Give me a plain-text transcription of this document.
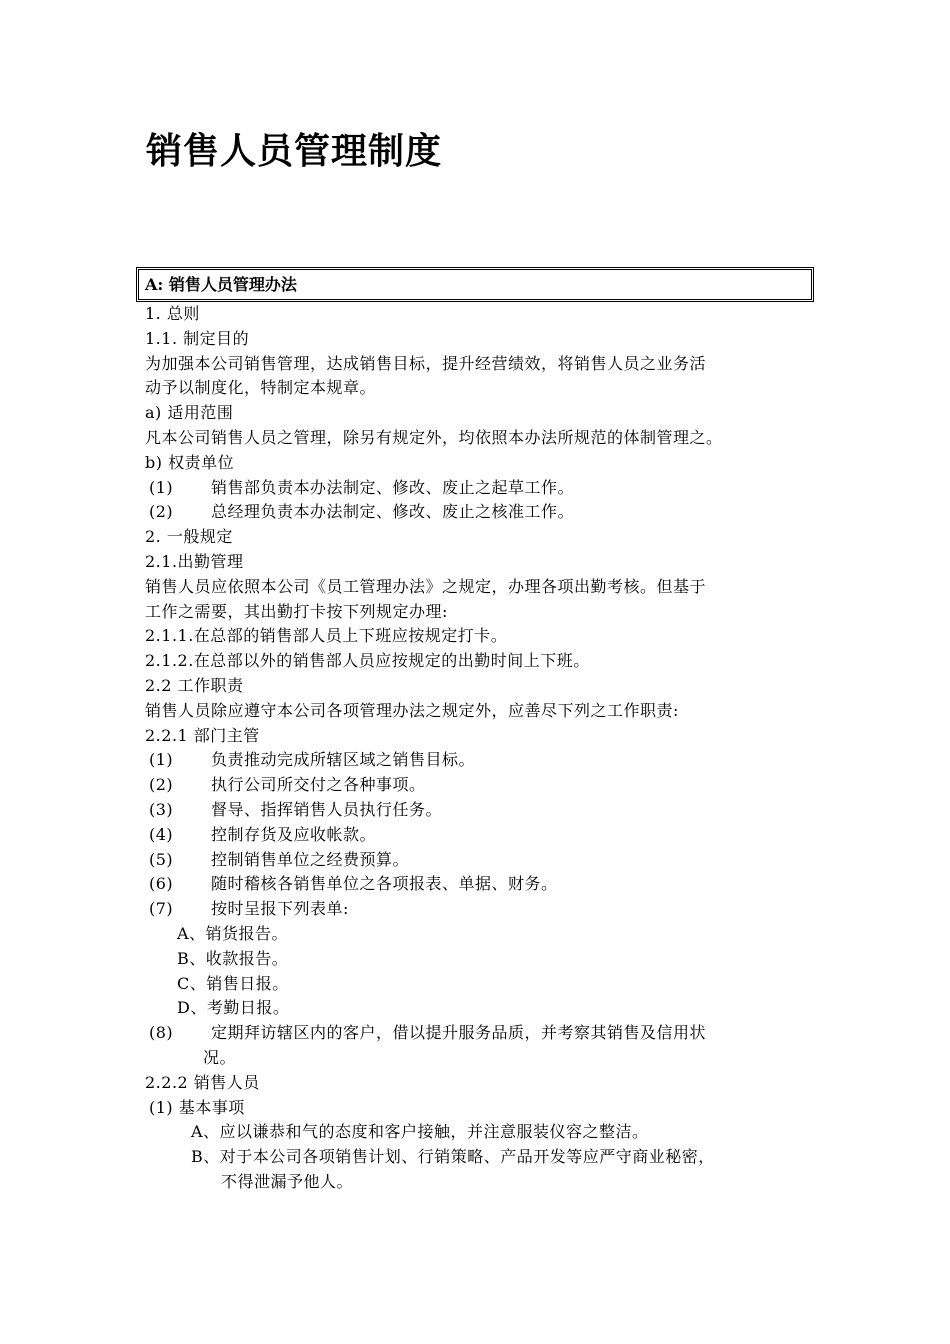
销售人员管理制度
A: 销售人员管理办法
1. 总则
1.1. 制定目的
为加强本公司销售管理，达成销售目标，提升经营绩效，将销售人员之业务活
动予以制度化，特制定本规章。
a) 适用范围
凡本公司销售人员之管理，除另有规定外，均依照本办法所规范的体制管理之。
b) 权责单位
(1) 销售部负责本办法制定、修改、废止之起草工作。
(2) 总经理负责本办法制定、修改、废止之核准工作。
2. 一般规定
2.1.出勤管理
销售人员应依照本公司《员工管理办法》之规定，办理各项出勤考核。但基于
工作之需要，其出勤打卡按下列规定办理:
2.1.1.在总部的销售部人员上下班应按规定打卡。
2.1.2.在总部以外的销售部人员应按规定的出勤时间上下班。
2.2 工作职责
销售人员除应遵守本公司各项管理办法之规定外，应善尽下列之工作职责:
2.2.1 部门主管
(1) 负责推动完成所辖区域之销售目标。
(2) 执行公司所交付之各种事项。
(3) 督导、指挥销售人员执行任务。
(4) 控制存货及应收帐款。
(5) 控制销售单位之经费预算。
(6) 随时稽核各销售单位之各项报表、单据、财务。
(7) 按时呈报下列表单:
A、销货报告。
B、收款报告。
C、销售日报。
D、考勤日报。
(8) 定期拜访辖区内的客户，借以提升服务品质，并考察其销售及信用状
况。
2.2.2 销售人员
(1) 基本事项
A、应以谦恭和气的态度和客户接触，并注意服装仪容之整洁。
B、对于本公司各项销售计划、行销策略、产品开发等应严守商业秘密，
不得泄漏予他人。
